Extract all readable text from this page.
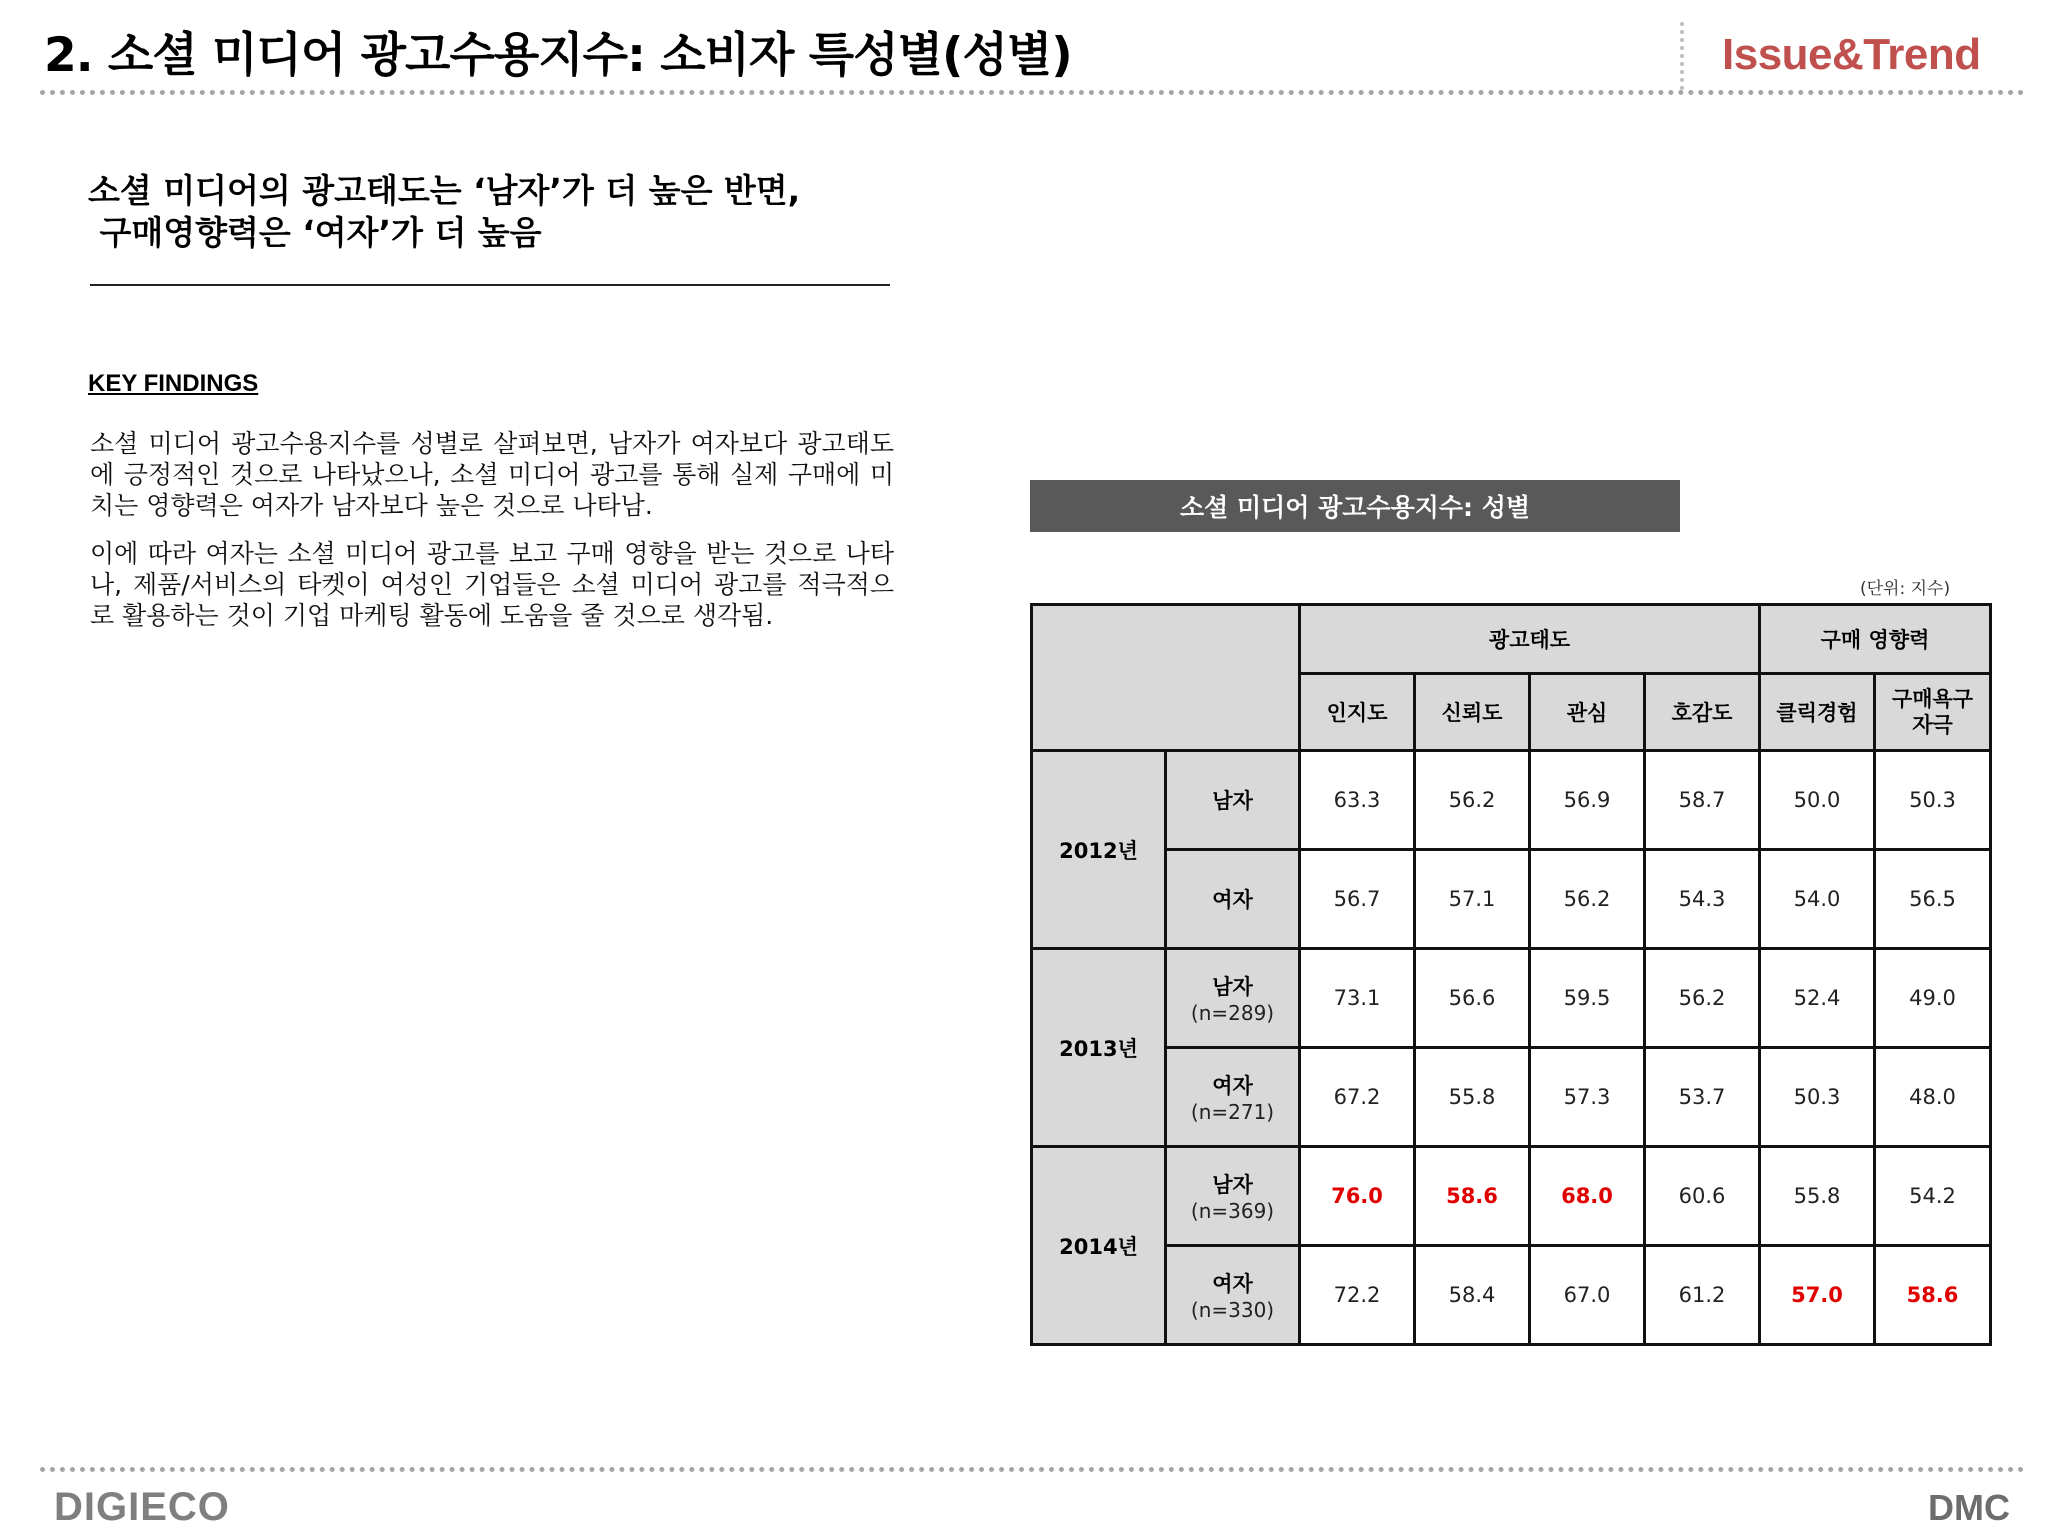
2. 소셜 미디어 광고수용지수: 소비자 특성별(성별)	Issue&Trend
소셜 미디어의 광고태도는 ‘남자’가 더 높은 반면,
구매영향력은 ‘여자’가 더 높음
KEY FINDINGS
소셜 미디어 광고수용지수를 성별로 살펴보면, 남자가 여자보다 광고태도에 긍정적인 것으로 나타났으나, 소셜 미디어 광고를 통해 실제 구매에 미치는 영향력은 여자가 남자보다 높은 것으로 나타남.
이에 따라 여자는 소셜 미디어 광고를 보고 구매 영향을 받는 것으로 나타나, 제품/서비스의 타켓이 여성인 기업들은 소셜 미디어 광고를 적극적으로 활용하는 것이 기업 마케팅 활동에 도움을 줄 것으로 생각됨.
소셜 미디어 광고수용지수: 성별
(단위: 지수)
		광고태도				구매 영향력	
		인지도	신뢰도	관심	호감도	클릭경험	구매욕구
자극
2012년	남자	63.3	56.2	56.9	58.7	50.0	50.3
	여자	56.7	57.1	56.2	54.3	54.0	56.5
2013년	남자
(n=289)	73.1	56.6	59.5	56.2	52.4	49.0
	여자
(n=271)	67.2	55.8	57.3	53.7	50.3	48.0
2014년	남자
(n=369)	76.0	58.6	68.0	60.6	55.8	54.2
	여자
(n=330)	72.2	58.4	67.0	61.2	57.0	58.6
DIGIECO	DMC
